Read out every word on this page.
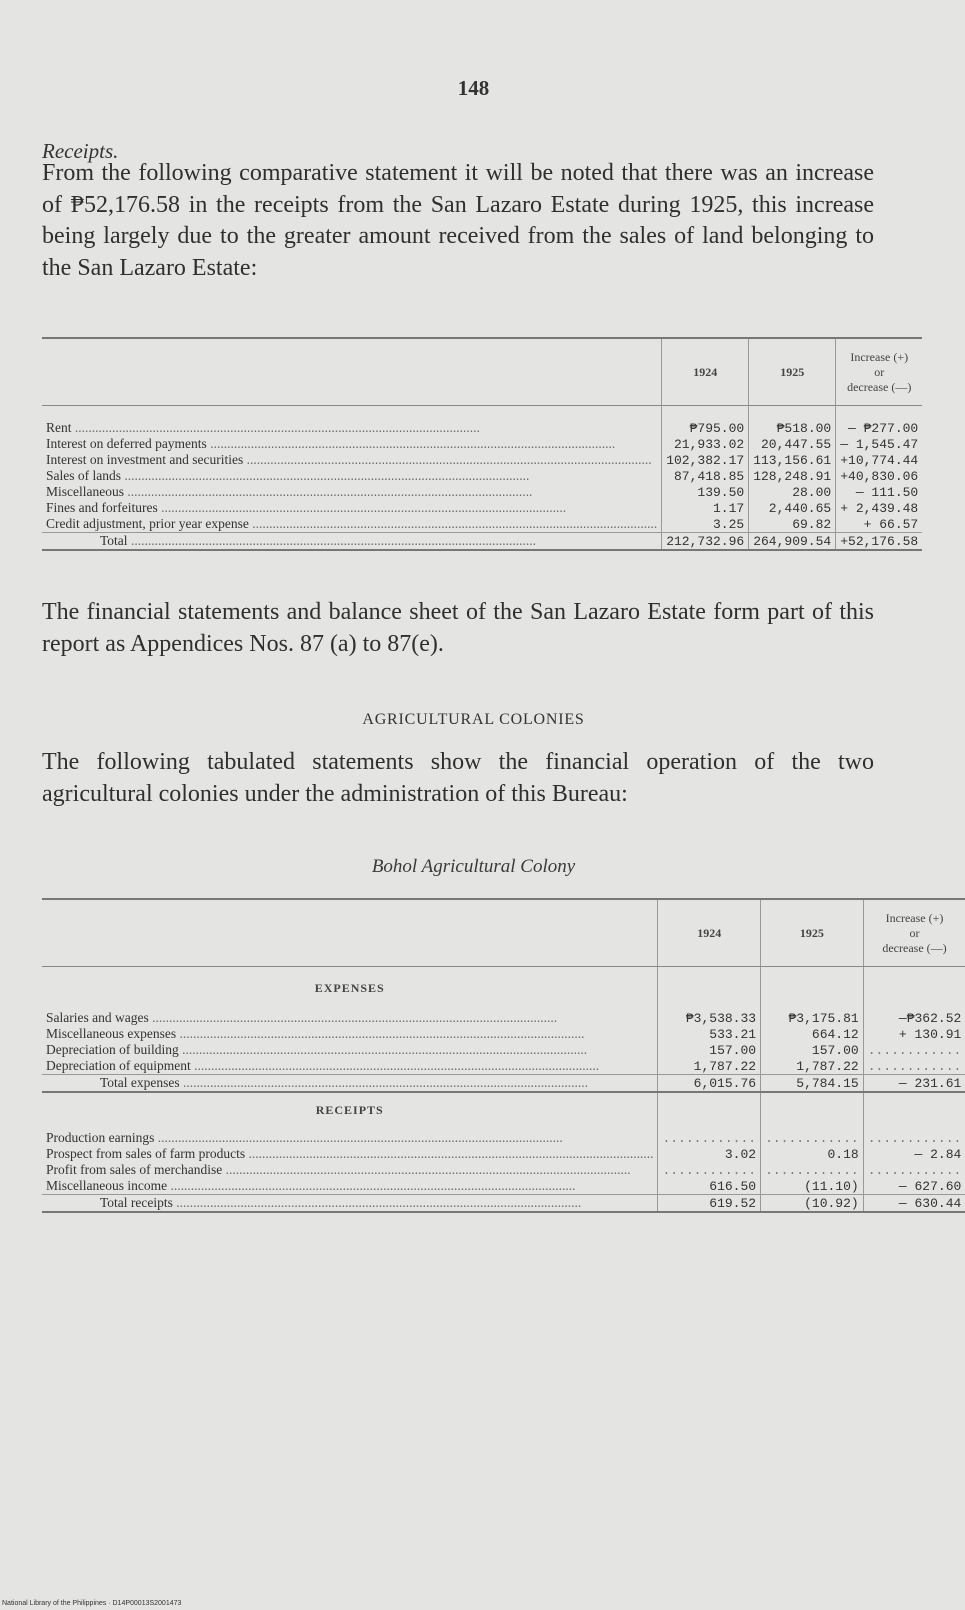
148
Receipts.

From the following comparative statement it will be noted that there was an increase of ₱52,176.58 in the receipts from the San Lazaro Estate during 1925, this increase being largely due to the greater amount received from the sales of land belonging to the San Lazaro Estate:

	1924	1925	Increase (+)
or
decrease (—)

Rent .....	₱795.00	₱518.00	— ₱277.00
Interest on deferred payments .....	21,933.02	20,447.55	— 1,545.47
Interest on investment and securities .....	102,382.17	113,156.61	+10,774.44
Sales of lands .....	87,418.85	128,248.91	+40,830.06
Miscellaneous .....	139.50	28.00	— 111.50
Fines and forfeitures .....	1.17	2,440.65	+ 2,439.48
Credit adjustment, prior year expense .....	3.25	69.82	+ 66.57
Total .....	212,732.96	264,909.54	+52,176.58

The financial statements and balance sheet of the San Lazaro Estate form part of this report as Appendices Nos. 87 (a) to 87(e).

AGRICULTURAL COLONIES

The following tabulated statements show the financial operation of the two agricultural colonies under the administration of this Bureau:

Bohol Agricultural Colony
	1924	1925	Increase (+)
or
decrease (—)

EXPENSES			
Salaries and wages .....	₱3,538.33	₱3,175.81	—₱362.52
Miscellaneous expenses .....	533.21	664.12	+ 130.91
Depreciation of building .....	157.00	157.00	............
Depreciation of equipment .....	1,787.22	1,787.22	............
Total expenses .....	6,015.76	5,784.15	— 231.61
RECEIPTS			
Production earnings .....	............	............	............
Prospect from sales of farm products .....	3.02	0.18	— 2.84
Profit from sales of merchandise .....	............	............	............
Miscellaneous income .....	616.50	(11.10)	— 627.60
Total receipts .....	619.52	(10.92)	— 630.44
National Library of the Philippines · D14P00013S2001473
